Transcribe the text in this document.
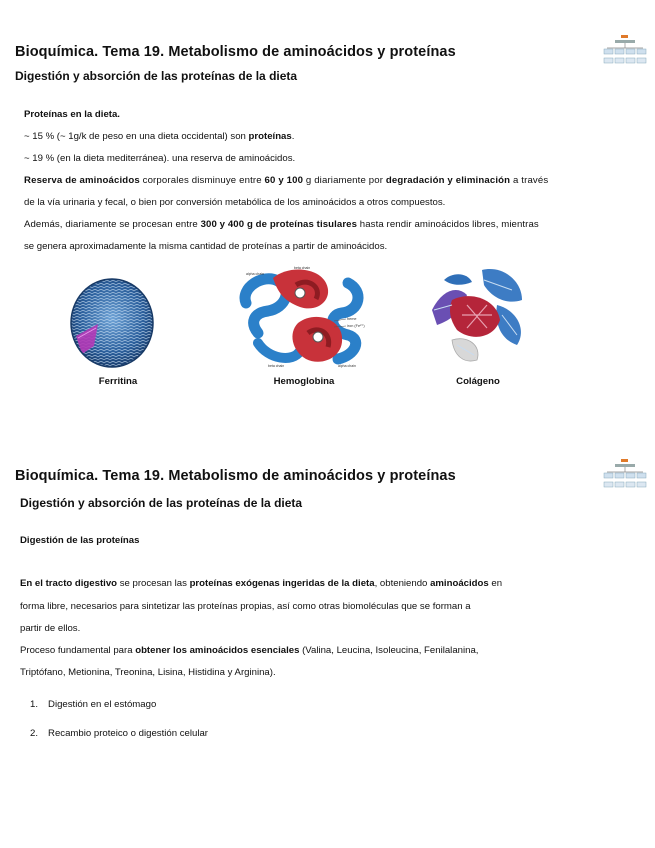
Bioquímica. Tema 19. Metabolismo de aminoácidos y proteínas
Digestión y absorción de las proteínas de la dieta
Proteínas en la dieta.
~ 15 % (~ 1g/k de peso en una dieta occidental) son proteínas.
~ 19 % (en la dieta mediterránea). una reserva de aminoácidos.
Reserva de aminoácidos corporales disminuye entre 60 y 100 g diariamente por degradación y eliminación a través
de la vía urinaria y fecal, o bien por conversión metabólica de los aminoácidos a otros compuestos.
Además, diariamente se procesan entre 300 y 400 g de proteínas tisulares hasta rendir aminoácidos libres, mientras
se genera aproximadamente la misma cantidad de proteínas a partir de aminoácidos.
beta chain
alpha chain
heme
iron (Fe²⁺)
beta chain	alpha chain
Ferritina	Hemoglobina	Colágeno
Bioquímica. Tema 19. Metabolismo de aminoácidos y proteínas
Digestión y absorción de las proteínas de la dieta
Digestión de las proteínas
En el tracto digestivo se procesan las proteínas exógenas ingeridas de la dieta, obteniendo aminoácidos en
forma libre, necesarios para sintetizar las proteínas propias, así como otras biomoléculas que se forman a
partir de ellos.
Proceso fundamental para obtener los aminoácidos esenciales (Valina, Leucina, Isoleucina, Fenilalanina,
Triptófano, Metionina, Treonina, Lisina, Histidina y Arginina).
1. Digestión en el estómago
2. Recambio proteico o digestión celular
